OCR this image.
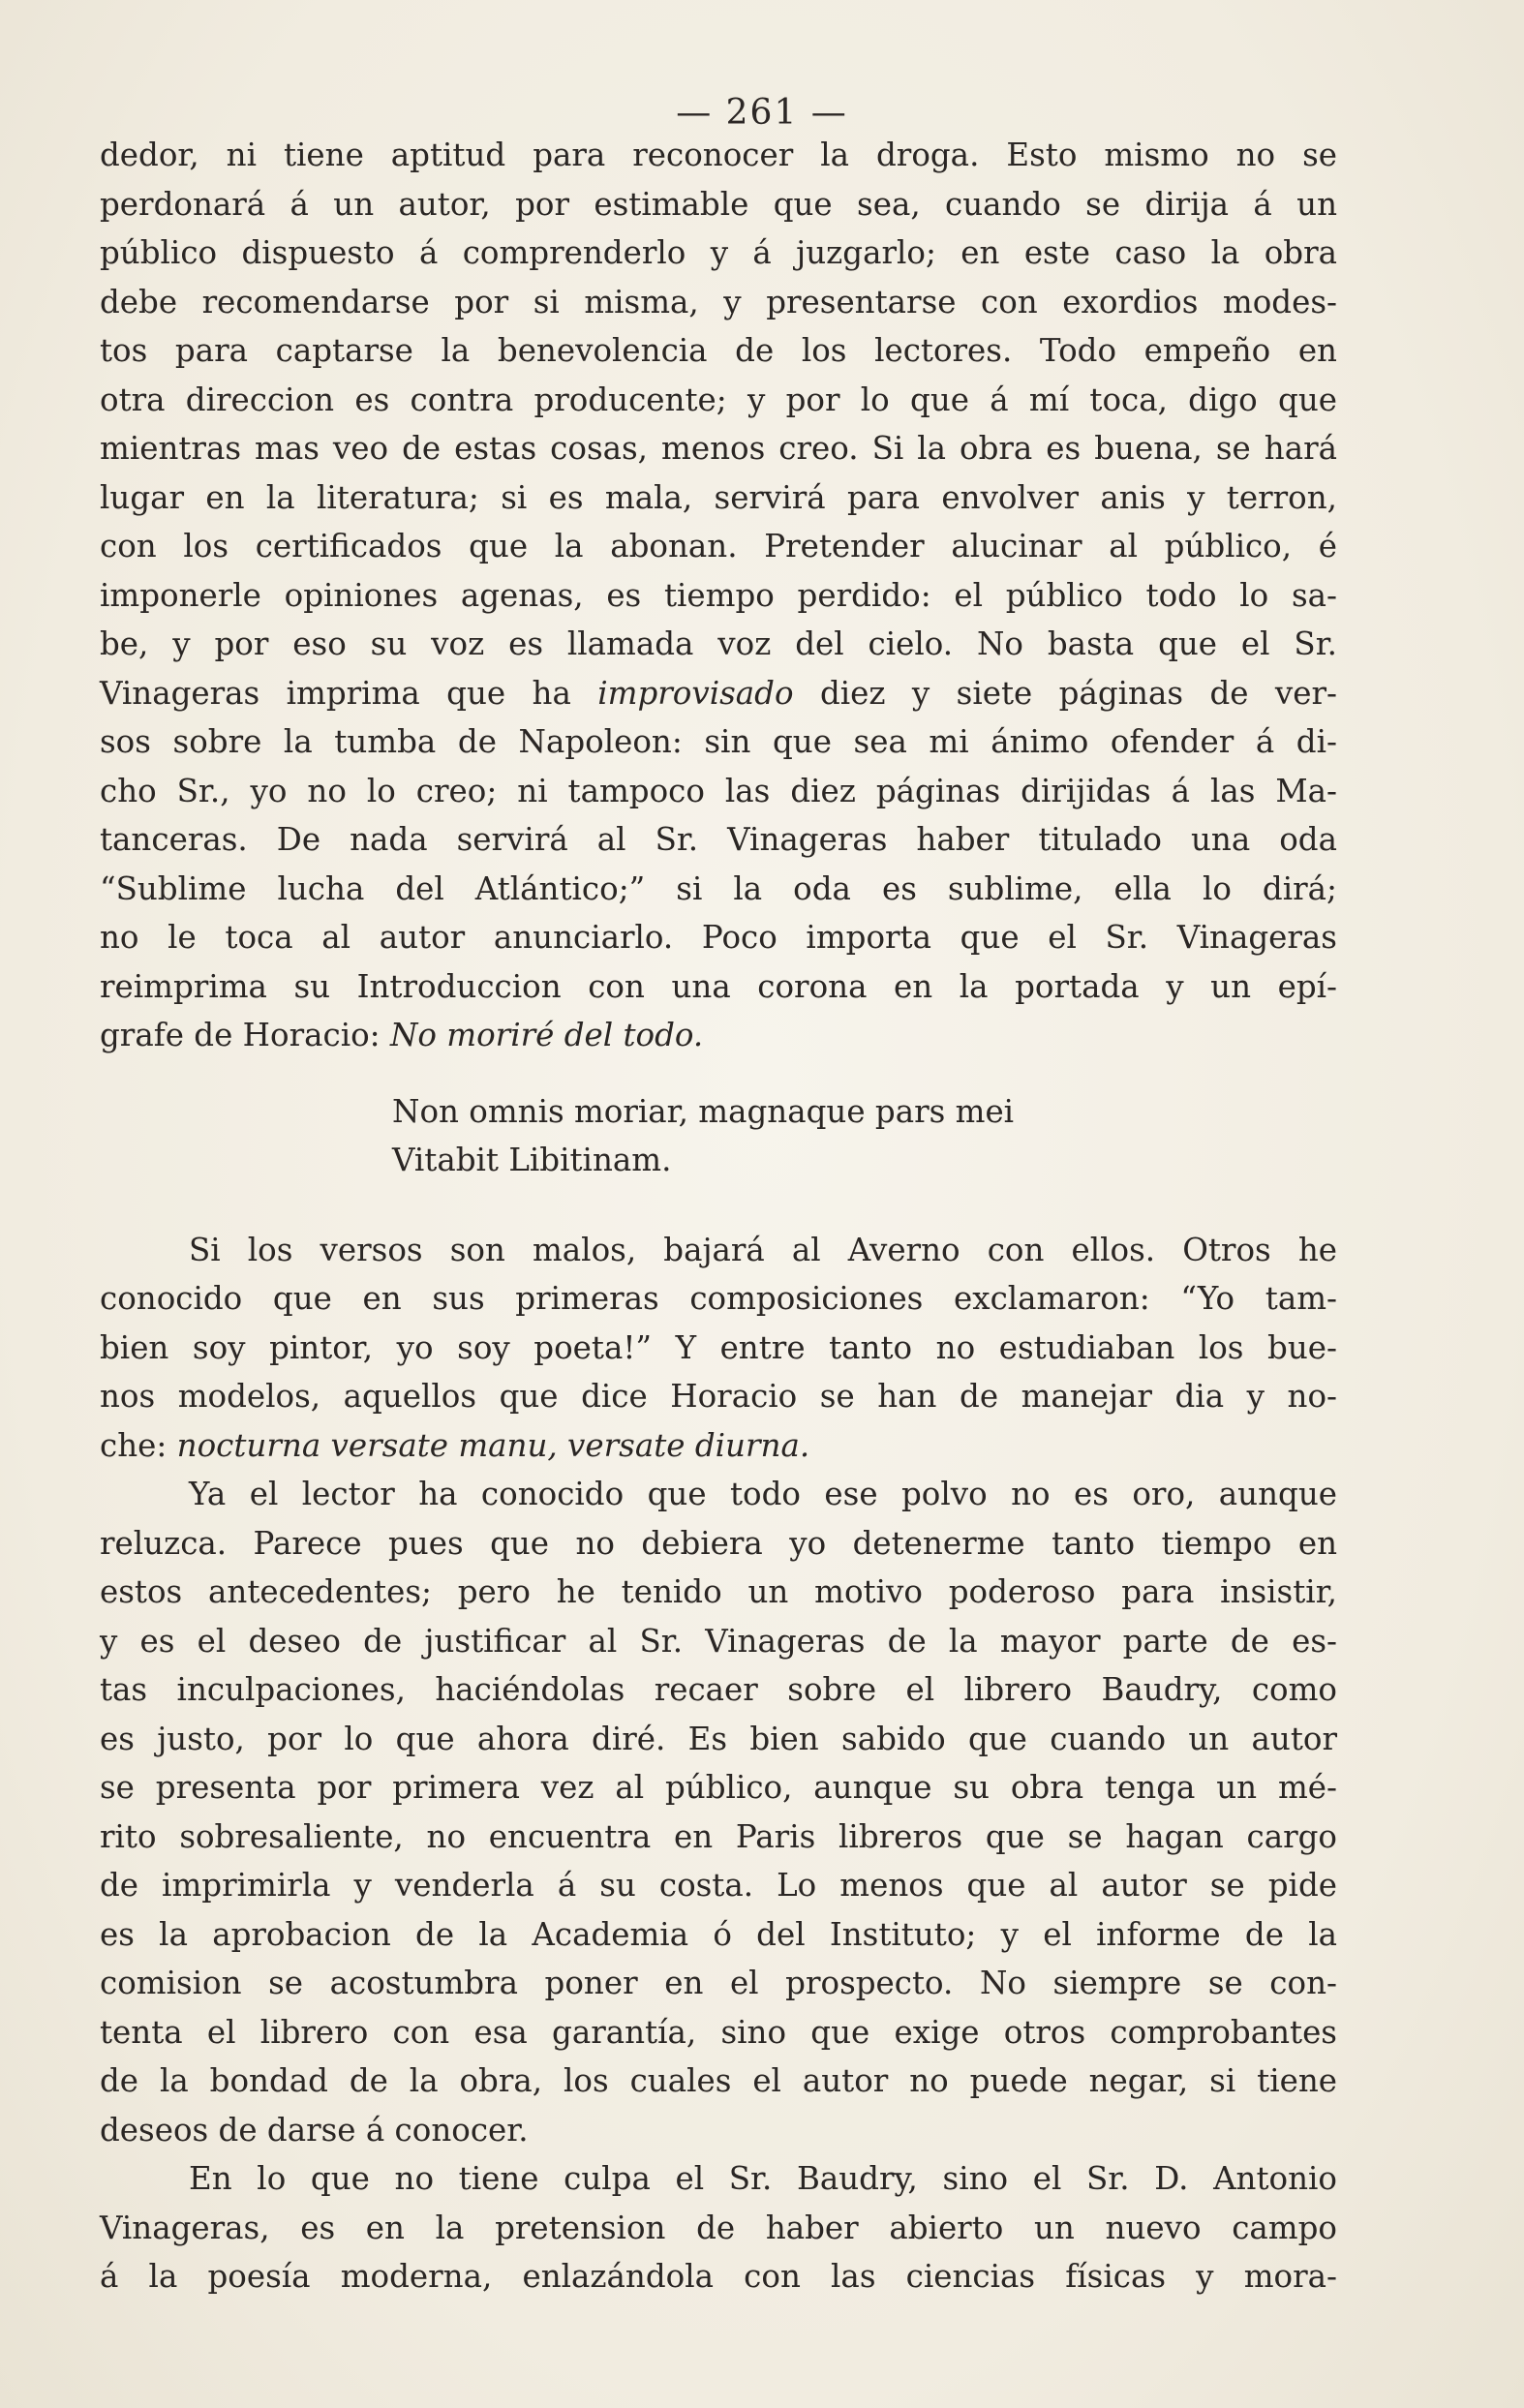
— 261 —
dedor, ni tiene aptitud para reconocer la droga. Esto mismo no se
perdonará á un autor, por estimable que sea, cuando se dirija á un
público dispuesto á comprenderlo y á juzgarlo; en este caso la obra
debe recomendarse por si misma, y presentarse con exordios modes-
tos para captarse la benevolencia de los lectores. Todo empeño en
otra direccion es contra producente; y por lo que á mí toca, digo que
mientras mas veo de estas cosas, menos creo. Si la obra es buena, se hará
lugar en la literatura; si es mala, servirá para envolver anis y terron,
con los certificados que la abonan. Pretender alucinar al público, é
imponerle opiniones agenas, es tiempo perdido: el público todo lo sa-
be, y por eso su voz es llamada voz del cielo. No basta que el Sr.
Vinageras imprima que ha improvisado diez y siete páginas de ver-
sos sobre la tumba de Napoleon: sin que sea mi ánimo ofender á di-
cho Sr., yo no lo creo; ni tampoco las diez páginas dirijidas á las Ma-
tanceras. De nada servirá al Sr. Vinageras haber titulado una oda
“Sublime lucha del Atlántico;” si la oda es sublime, ella lo dirá;
no le toca al autor anunciarlo. Poco importa que el Sr. Vinageras
reimprima su Introduccion con una corona en la portada y un epí-
grafe de Horacio: No moriré del todo.
Non omnis moriar, magnaque pars mei
Vitabit Libitinam.
Si los versos son malos, bajará al Averno con ellos. Otros he
conocido que en sus primeras composiciones exclamaron: “Yo tam-
bien soy pintor, yo soy poeta!” Y entre tanto no estudiaban los bue-
nos modelos, aquellos que dice Horacio se han de manejar dia y no-
che: nocturna versate manu, versate diurna.
Ya el lector ha conocido que todo ese polvo no es oro, aunque
reluzca. Parece pues que no debiera yo detenerme tanto tiempo en
estos antecedentes; pero he tenido un motivo poderoso para insistir,
y es el deseo de justificar al Sr. Vinageras de la mayor parte de es-
tas inculpaciones, haciéndolas recaer sobre el librero Baudry, como
es justo, por lo que ahora diré. Es bien sabido que cuando un autor
se presenta por primera vez al público, aunque su obra tenga un mé-
rito sobresaliente, no encuentra en Paris libreros que se hagan cargo
de imprimirla y venderla á su costa. Lo menos que al autor se pide
es la aprobacion de la Academia ó del Instituto; y el informe de la
comision se acostumbra poner en el prospecto. No siempre se con-
tenta el librero con esa garantía, sino que exige otros comprobantes
de la bondad de la obra, los cuales el autor no puede negar, si tiene
deseos de darse á conocer.
En lo que no tiene culpa el Sr. Baudry, sino el Sr. D. Antonio
Vinageras, es en la pretension de haber abierto un nuevo campo
á la poesía moderna, enlazándola con las ciencias físicas y mora-
